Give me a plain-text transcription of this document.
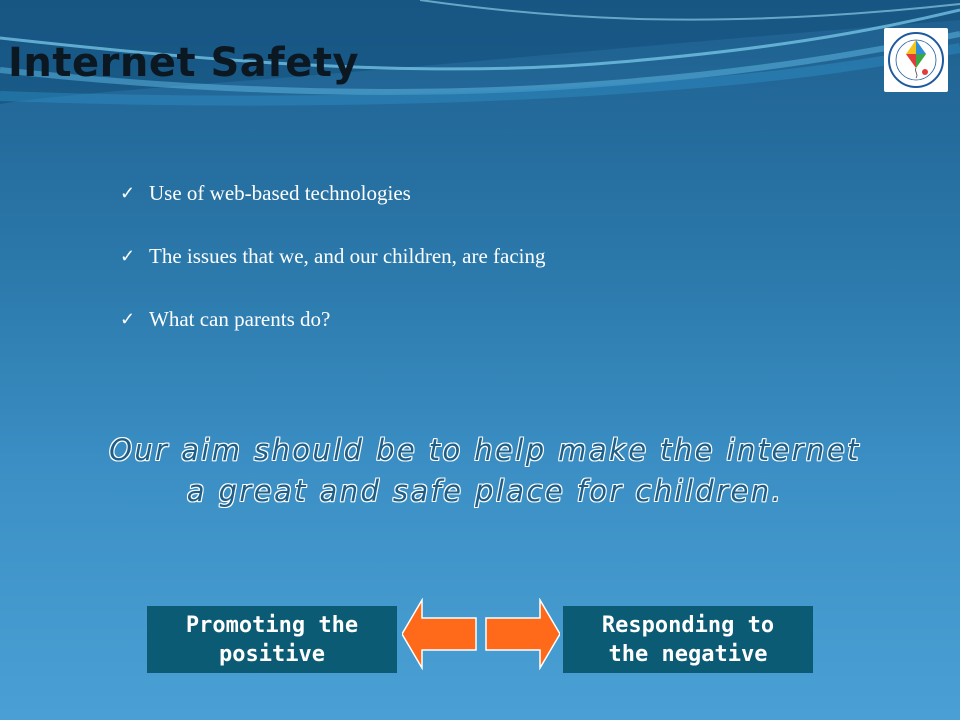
Internet Safety
✓ Use of web-based technologies
✓ The issues that we, and our children, are facing
✓ What can parents do?
Our aim should be to help make the internet
a great and safe place for children.
Promoting the positive
Responding to the negative
